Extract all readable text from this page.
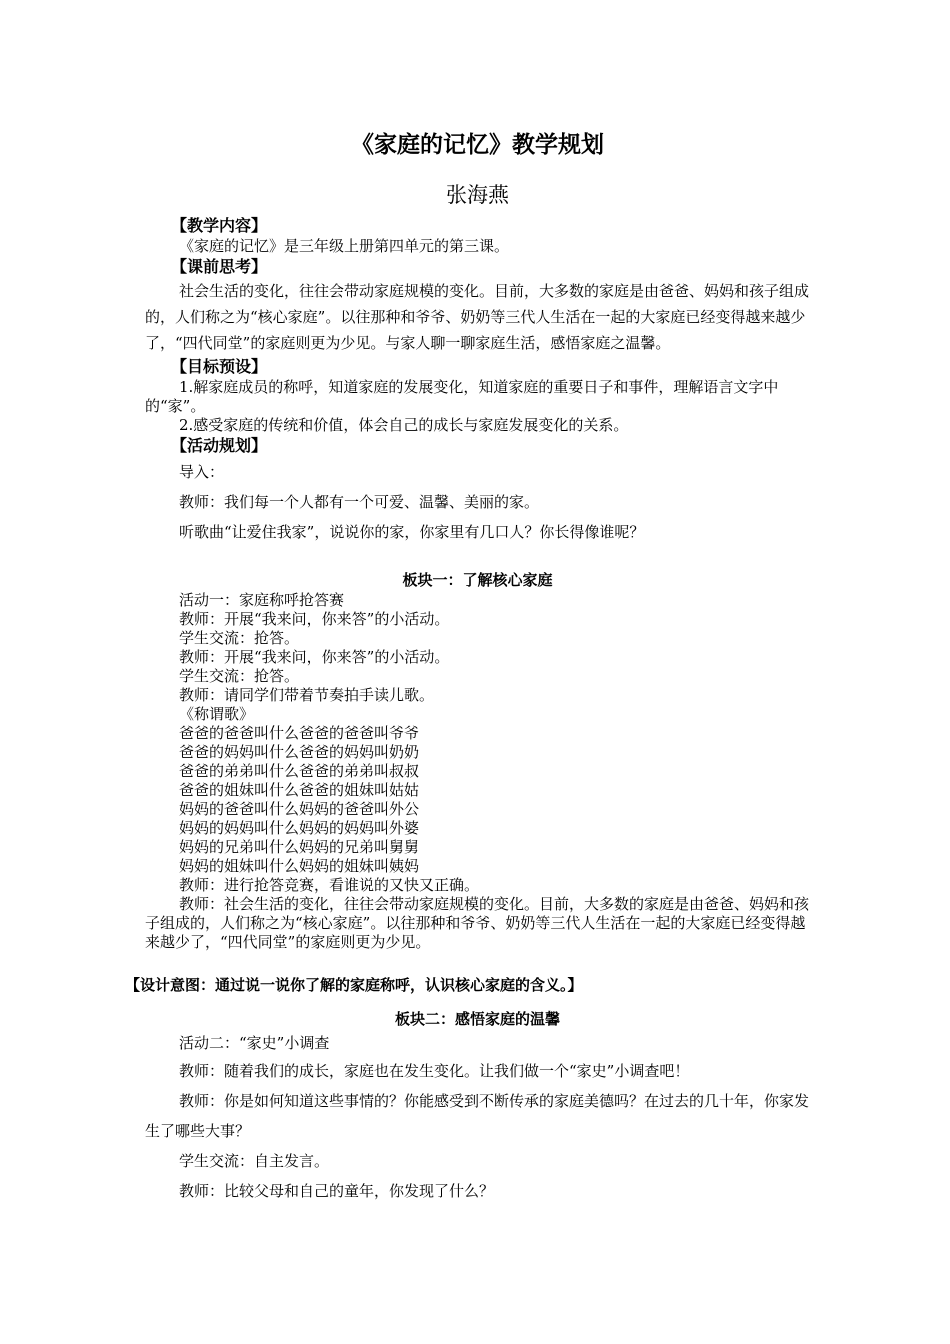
《家庭的记忆》教学规划
张海燕
【教学内容】
《家庭的记忆》是三年级上册第四单元的第三课。
【课前思考】
社会生活的变化，往往会带动家庭规模的变化。目前，大多数的家庭是由爸爸、妈妈和孩子组成的，人们称之为“核心家庭”。以往那种和爷爷、奶奶等三代人生活在一起的大家庭已经变得越来越少了，“四代同堂”的家庭则更为少见。与家人聊一聊家庭生活，感悟家庭之温馨。
【目标预设】
1.解家庭成员的称呼，知道家庭的发展变化，知道家庭的重要日子和事件，理解语言文字中的“家”。
2.感受家庭的传统和价值，体会自己的成长与家庭发展变化的关系。
【活动规划】
导入：
教师：我们每一个人都有一个可爱、温馨、美丽的家。
听歌曲“让爱住我家”，说说你的家，你家里有几口人？你长得像谁呢？
板块一：了解核心家庭
活动一：家庭称呼抢答赛
教师：开展“我来问，你来答”的小活动。
学生交流：抢答。
教师：开展“我来问，你来答”的小活动。
学生交流：抢答。
教师：请同学们带着节奏拍手读儿歌。
《称谓歌》
爸爸的爸爸叫什么爸爸的爸爸叫爷爷
爸爸的妈妈叫什么爸爸的妈妈叫奶奶
爸爸的弟弟叫什么爸爸的弟弟叫叔叔
爸爸的姐妹叫什么爸爸的姐妹叫姑姑
妈妈的爸爸叫什么妈妈的爸爸叫外公
妈妈的妈妈叫什么妈妈的妈妈叫外婆
妈妈的兄弟叫什么妈妈的兄弟叫舅舅
妈妈的姐妹叫什么妈妈的姐妹叫姨妈
教师：进行抢答竞赛，看谁说的又快又正确。
教师：社会生活的变化，往往会带动家庭规模的变化。目前，大多数的家庭是由爸爸、妈妈和孩子组成的，人们称之为“核心家庭”。以往那种和爷爷、奶奶等三代人生活在一起的大家庭已经变得越来越少了，“四代同堂”的家庭则更为少见。
【设计意图：通过说一说你了解的家庭称呼，认识核心家庭的含义。】
板块二：感悟家庭的温馨
活动二：“家史”小调查
教师：随着我们的成长，家庭也在发生变化。让我们做一个“家史”小调查吧！
教师：你是如何知道这些事情的？你能感受到不断传承的家庭美德吗？在过去的几十年，你家发生了哪些大事？
学生交流：自主发言。
教师：比较父母和自己的童年，你发现了什么？
